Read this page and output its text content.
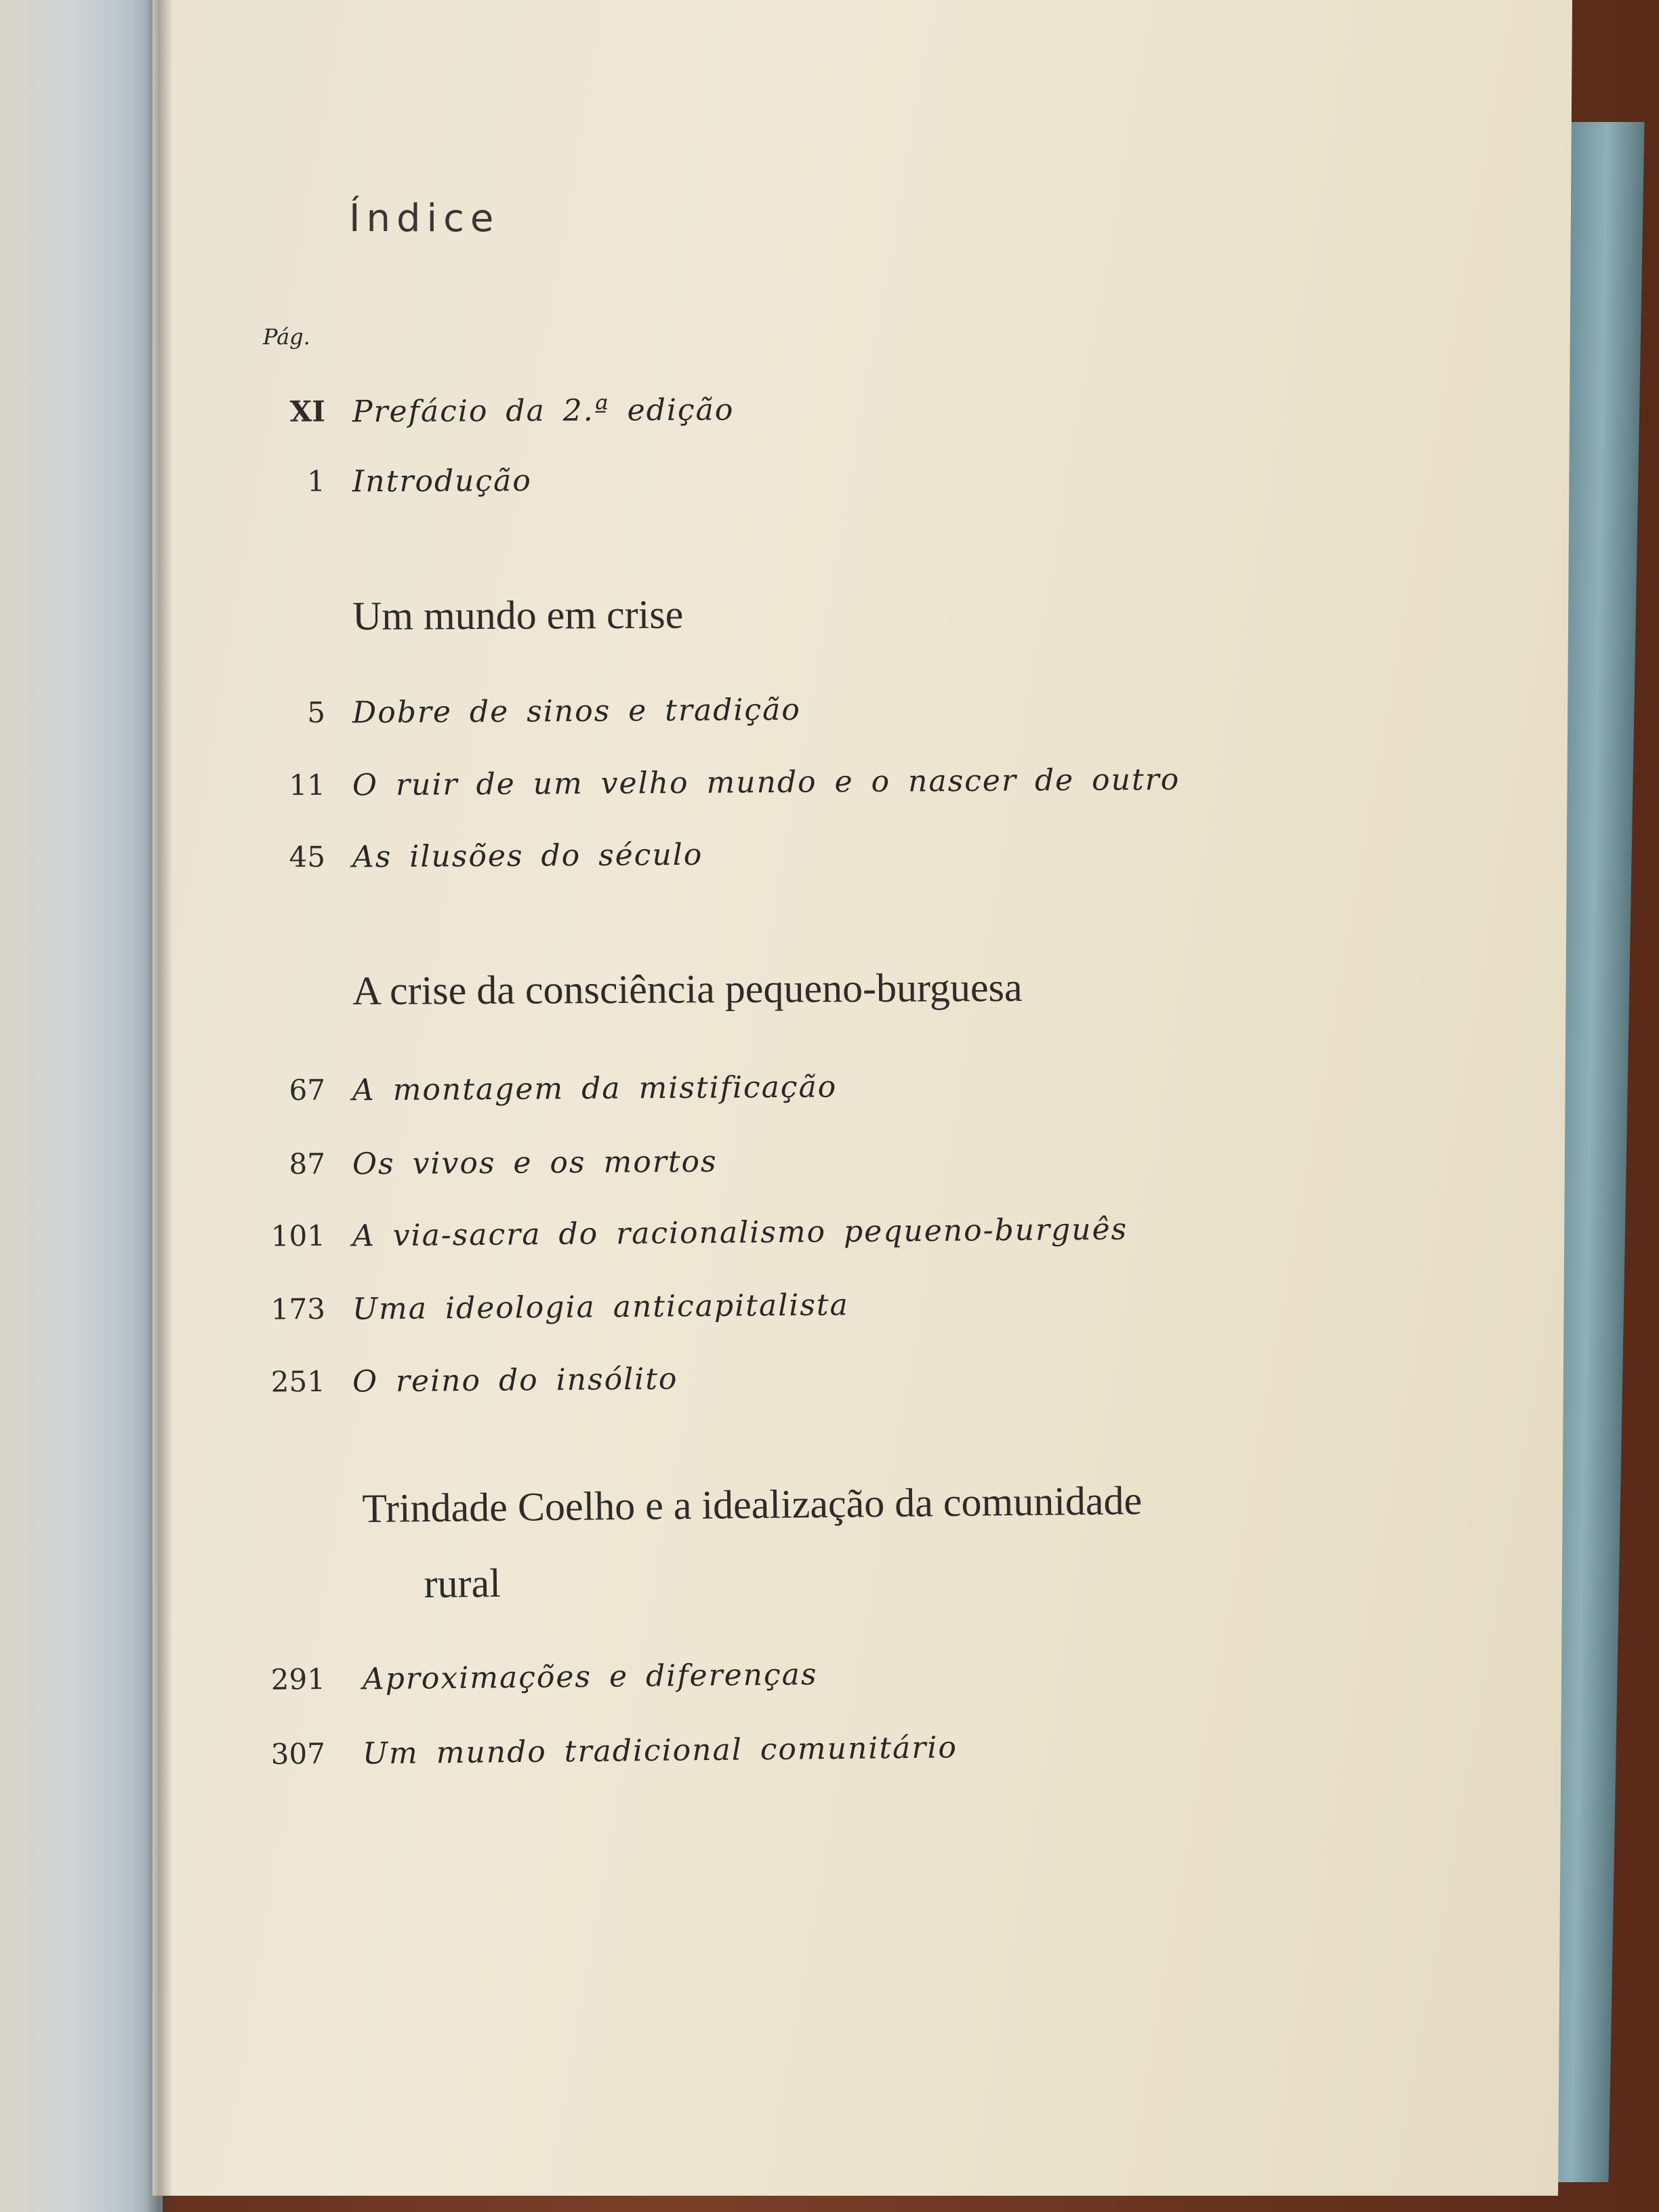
Índice
Pág.
XI Prefácio da 2.ª edição
1 Introdução
Um mundo em crise
5 Dobre de sinos e tradição
11 O ruir de um velho mundo e o nascer de outro
45 As ilusões do século
A crise da consciência pequeno-burguesa
67 A montagem da mistificação
87 Os vivos e os mortos
101 A via-sacra do racionalismo pequeno-burguês
173 Uma ideologia anticapitalista
251 O reino do insólito
Trindade Coelho e a idealização da comunidade
rural
291 Aproximações e diferenças
307 Um mundo tradicional comunitário
